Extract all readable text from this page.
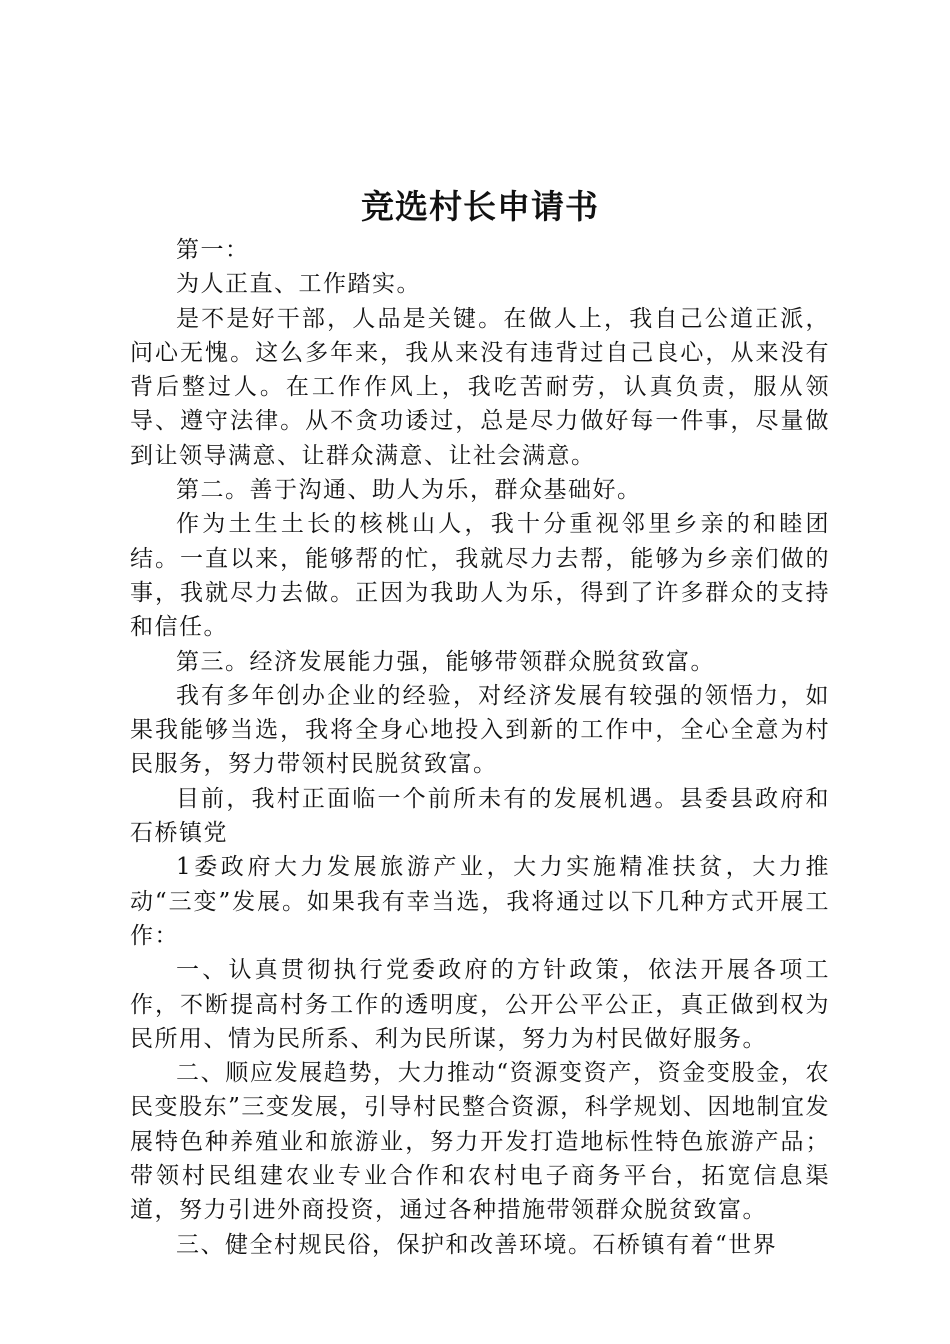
竞选村长申请书

第一：

为人正直、工作踏实。

是不是好干部，人品是关键。在做人上，我自己公道正派，问心无愧。这么多年来，我从来没有违背过自己良心，从来没有背后整过人。在工作作风上，我吃苦耐劳，认真负责，服从领导、遵守法律。从不贪功诿过，总是尽力做好每一件事，尽量做到让领导满意、让群众满意、让社会满意。

第二。善于沟通、助人为乐，群众基础好。

作为土生土长的核桃山人，我十分重视邻里乡亲的和睦团结。一直以来，能够帮的忙，我就尽力去帮，能够为乡亲们做的事，我就尽力去做。正因为我助人为乐，得到了许多群众的支持和信任。

第三。经济发展能力强，能够带领群众脱贫致富。

我有多年创办企业的经验，对经济发展有较强的领悟力，如果我能够当选，我将全身心地投入到新的工作中，全心全意为村民服务，努力带领村民脱贫致富。

目前，我村正面临一个前所未有的发展机遇。县委县政府和石桥镇党

1委政府大力发展旅游产业，大力实施精准扶贫，大力推动“三变”发展。如果我有幸当选，我将通过以下几种方式开展工作：

一、认真贯彻执行党委政府的方针政策，依法开展各项工作，不断提高村务工作的透明度，公开公平公正，真正做到权为民所用、情为民所系、利为民所谋，努力为村民做好服务。

二、顺应发展趋势，大力推动“资源变资产，资金变股金，农民变股东”三变发展，引导村民整合资源，科学规划、因地制宜发展特色种养殖业和旅游业，努力开发打造地标性特色旅游产品；带领村民组建农业专业合作和农村电子商务平台，拓宽信息渠道，努力引进外商投资，通过各种措施带领群众脱贫致富。

三、健全村规民俗，保护和改善环境。石桥镇有着“世界
